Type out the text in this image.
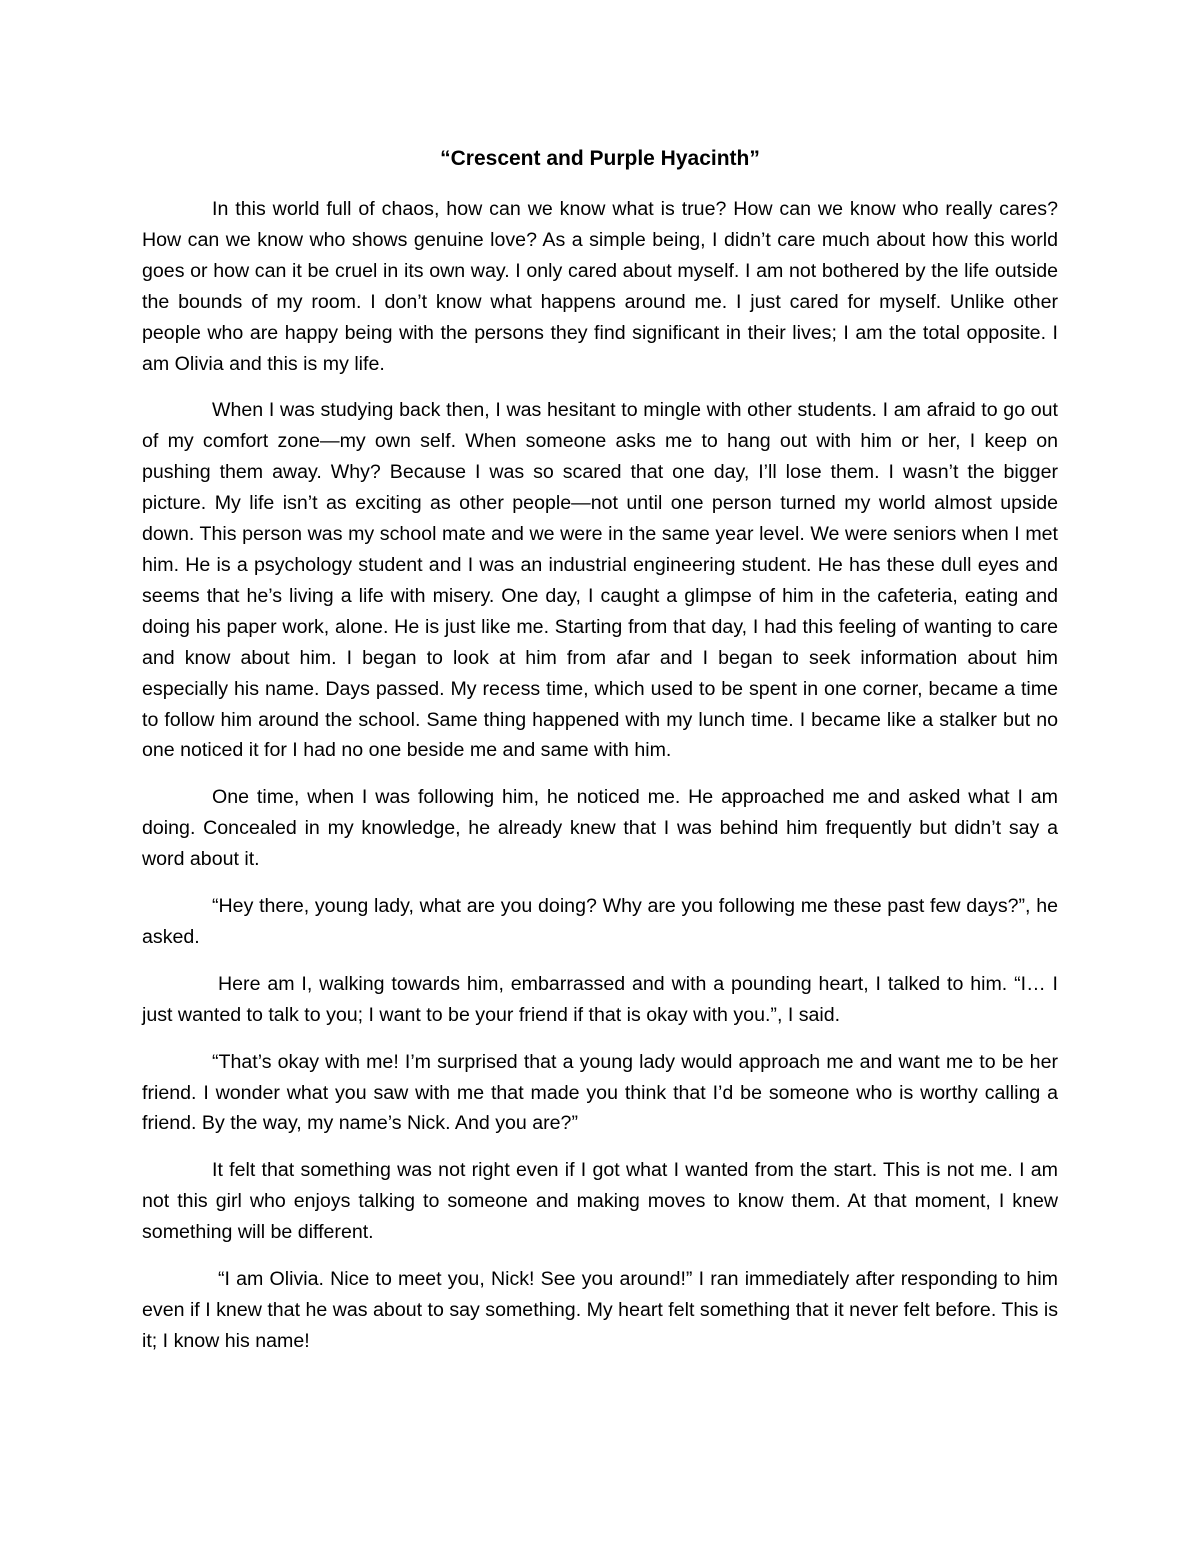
“Crescent and Purple Hyacinth”

In this world full of chaos, how can we know what is true? How can we know who really cares? How can we know who shows genuine love? As a simple being, I didn’t care much about how this world goes or how can it be cruel in its own way. I only cared about myself. I am not bothered by the life outside the bounds of my room. I don’t know what happens around me. I just cared for myself. Unlike other people who are happy being with the persons they find significant in their lives; I am the total opposite. I am Olivia and this is my life.

When I was studying back then, I was hesitant to mingle with other students. I am afraid to go out of my comfort zone—my own self. When someone asks me to hang out with him or her, I keep on pushing them away. Why? Because I was so scared that one day, I’ll lose them. I wasn’t the bigger picture. My life isn’t as exciting as other people—not until one person turned my world almost upside down. This person was my school mate and we were in the same year level. We were seniors when I met him. He is a psychology student and I was an industrial engineering student. He has these dull eyes and seems that he’s living a life with misery. One day, I caught a glimpse of him in the cafeteria, eating and doing his paper work, alone. He is just like me. Starting from that day, I had this feeling of wanting to care and know about him. I began to look at him from afar and I began to seek information about him especially his name. Days passed. My recess time, which used to be spent in one corner, became a time to follow him around the school. Same thing happened with my lunch time. I became like a stalker but no one noticed it for I had no one beside me and same with him.

One time, when I was following him, he noticed me. He approached me and asked what I am doing. Concealed in my knowledge, he already knew that I was behind him frequently but didn’t say a word about it.

“Hey there, young lady, what are you doing? Why are you following me these past few days?”, he asked.

Here am I, walking towards him, embarrassed and with a pounding heart, I talked to him. “I… I just wanted to talk to you; I want to be your friend if that is okay with you.”, I said.

“That’s okay with me! I’m surprised that a young lady would approach me and want me to be her friend. I wonder what you saw with me that made you think that I’d be someone who is worthy calling a friend. By the way, my name’s Nick. And you are?”

It felt that something was not right even if I got what I wanted from the start. This is not me. I am not this girl who enjoys talking to someone and making moves to know them. At that moment, I knew something will be different.

“I am Olivia. Nice to meet you, Nick! See you around!” I ran immediately after responding to him even if I knew that he was about to say something. My heart felt something that it never felt before. This is it; I know his name!
